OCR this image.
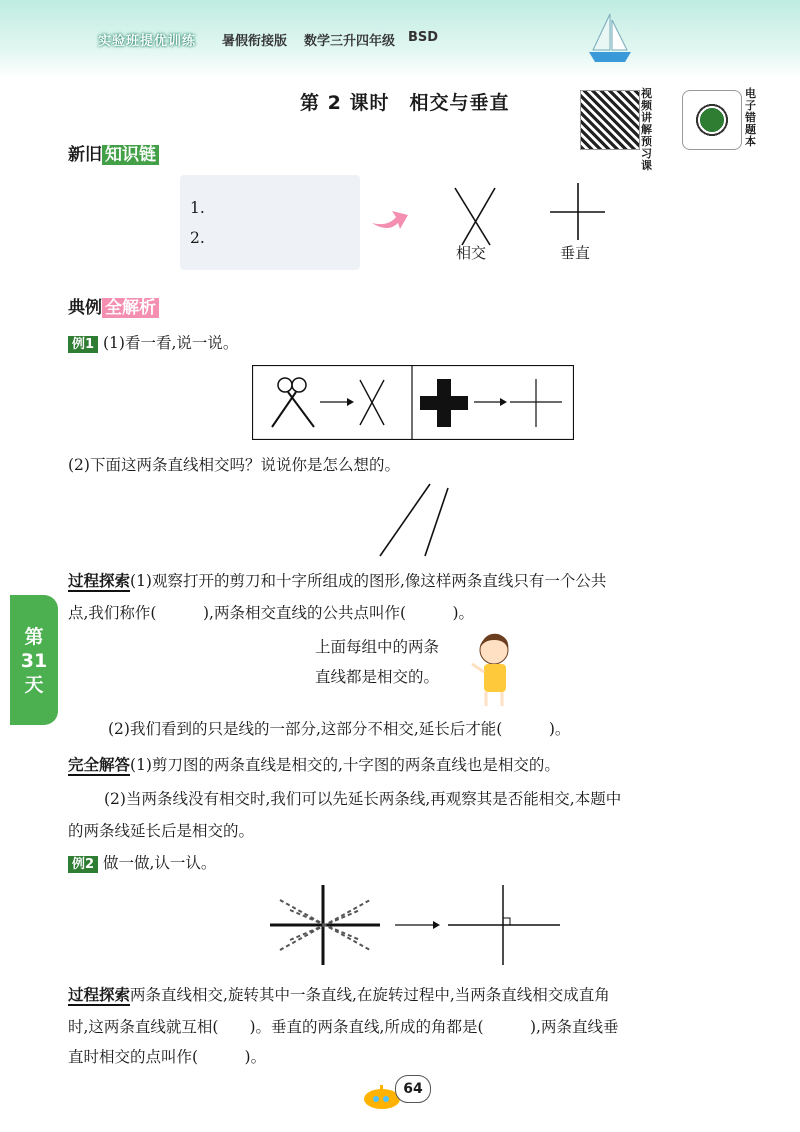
实验班提优训练 暑假衔接版 数学三升四年级 BSD
第 2 课时　相交与垂直	视频讲解预习课
电子错题本
新旧 知识链
1.
2.
相交	垂直
典例 全解析
例1 (1)看一看,说一说。
(2)下面这两条直线相交吗？说说你是怎么想的。
过程探索(1)观察打开的剪刀和十字所组成的图形,像这样两条直线只有一个公共
点,我们称作(　　　),两条相交直线的公共点叫作(　　　)。
上面每组中的两条
直线都是相交的。
(2)我们看到的只是线的一部分,这部分不相交,延长后才能(　　　)。
第
31
天
完全解答(1)剪刀图的两条直线是相交的,十字图的两条直线也是相交的。
(2)当两条线没有相交时,我们可以先延长两条线,再观察其是否能相交,本题中
的两条线延长后是相交的。
例2 做一做,认一认。
过程探索两条直线相交,旋转其中一条直线,在旋转过程中,当两条直线相交成直角
时,这两条直线就互相(　　)。垂直的两条直线,所成的角都是(　　　),两条直线垂
直时相交的点叫作(　　　)。
64
